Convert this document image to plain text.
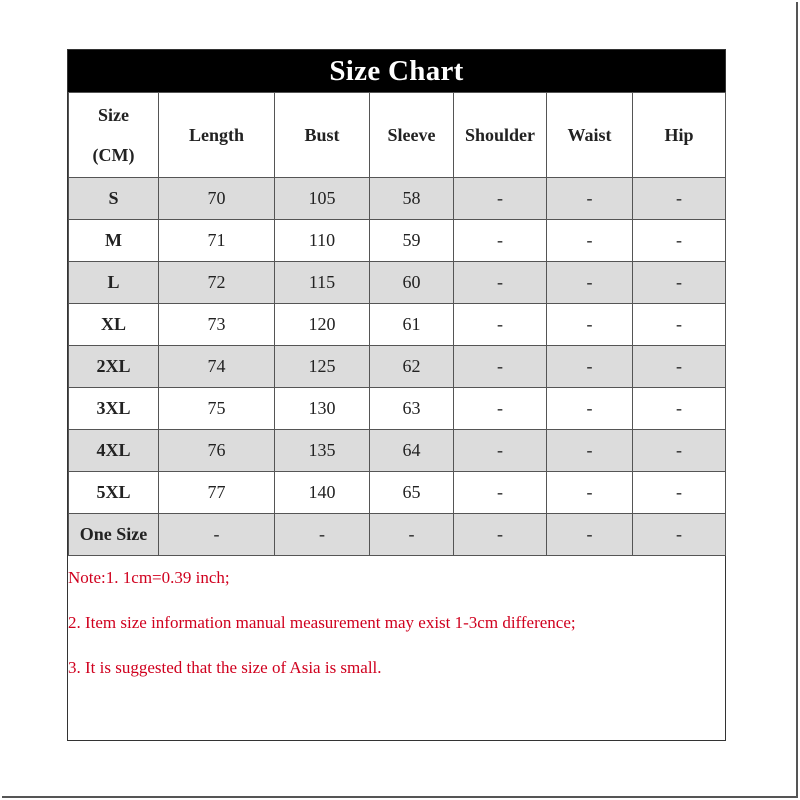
Size Chart
Size
(CM)	Length	Bust	Sleeve	Shoulder	Waist	Hip
S	70	105	58	-	-	-
M	71	110	59	-	-	-
L	72	115	60	-	-	-
XL	73	120	61	-	-	-
2XL	74	125	62	-	-	-
3XL	75	130	63	-	-	-
4XL	76	135	64	-	-	-
5XL	77	140	65	-	-	-
One Size	-	-	-	-	-	-
Note:1. 1cm=0.39 inch;
2. Item size information manual measurement may exist 1-3cm difference;
3. It is suggested that the size of Asia is small.
